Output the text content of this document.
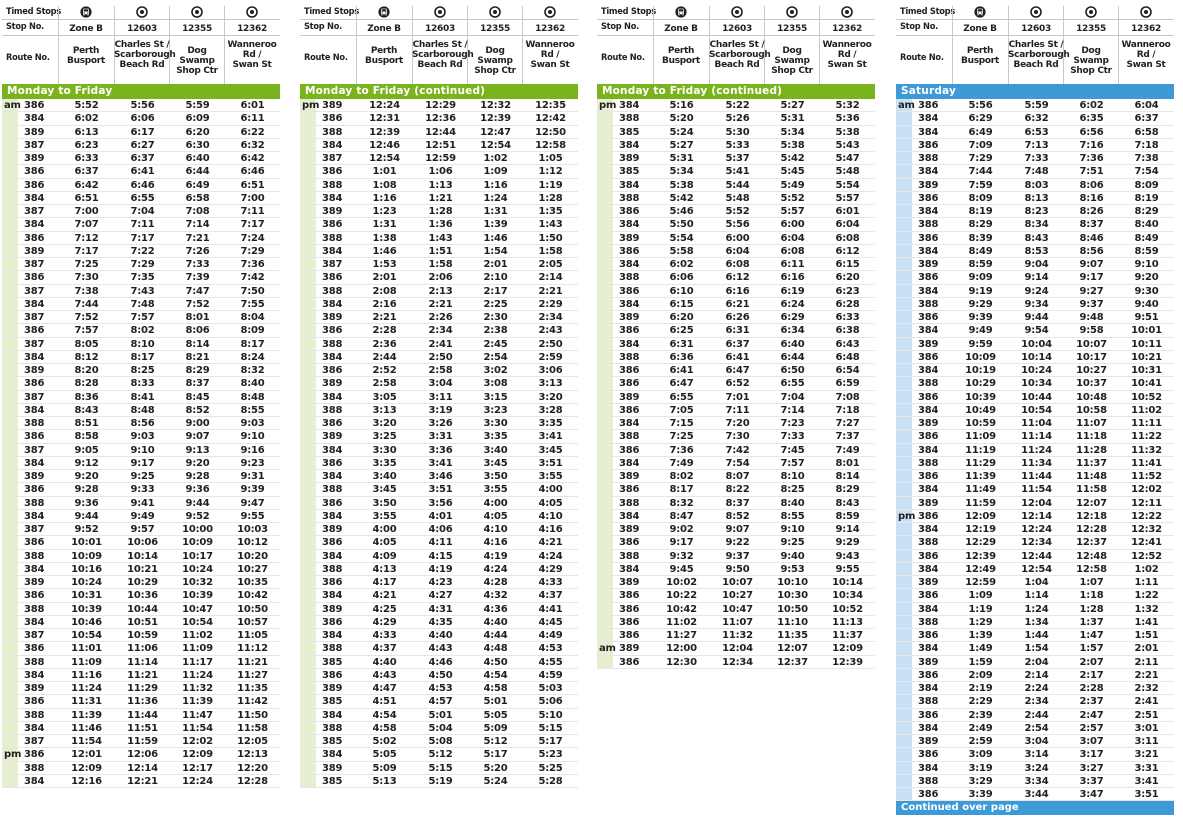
Timed Stops
Stop No.
Route No.
Zone B
Perth
Busport
12603
Charles St /
Scarborough
Beach Rd
12355
Dog Swamp
Shop Ctr
12362
Wanneroo
Rd /
Swan St
Monday to Friday
am 386	5:52	5:56	5:59	6:01
384	6:02	6:06	6:09	6:11
389	6:13	6:17	6:20	6:22
387	6:23	6:27	6:30	6:32
389	6:33	6:37	6:40	6:42
386	6:37	6:41	6:44	6:46
386	6:42	6:46	6:49	6:51
384	6:51	6:55	6:58	7:00
387	7:00	7:04	7:08	7:11
384	7:07	7:11	7:14	7:17
386	7:12	7:17	7:21	7:24
389	7:17	7:22	7:26	7:29
387	7:25	7:29	7:33	7:36
386	7:30	7:35	7:39	7:42
387	7:38	7:43	7:47	7:50
384	7:44	7:48	7:52	7:55
387	7:52	7:57	8:01	8:04
386	7:57	8:02	8:06	8:09
387	8:05	8:10	8:14	8:17
384	8:12	8:17	8:21	8:24
389	8:20	8:25	8:29	8:32
386	8:28	8:33	8:37	8:40
387	8:36	8:41	8:45	8:48
384	8:43	8:48	8:52	8:55
388	8:51	8:56	9:00	9:03
386	8:58	9:03	9:07	9:10
387	9:05	9:10	9:13	9:16
384	9:12	9:17	9:20	9:23
389	9:20	9:25	9:28	9:31
386	9:28	9:33	9:36	9:39
388	9:36	9:41	9:44	9:47
384	9:44	9:49	9:52	9:55
387	9:52	9:57	10:00	10:03
386	10:01	10:06	10:09	10:12
388	10:09	10:14	10:17	10:20
384	10:16	10:21	10:24	10:27
389	10:24	10:29	10:32	10:35
386	10:31	10:36	10:39	10:42
388	10:39	10:44	10:47	10:50
384	10:46	10:51	10:54	10:57
387	10:54	10:59	11:02	11:05
386	11:01	11:06	11:09	11:12
388	11:09	11:14	11:17	11:21
384	11:16	11:21	11:24	11:27
389	11:24	11:29	11:32	11:35
386	11:31	11:36	11:39	11:42
388	11:39	11:44	11:47	11:50
384	11:46	11:51	11:54	11:58
387	11:54	11:59	12:02	12:05
pm 386	12:01	12:06	12:09	12:13
388	12:09	12:14	12:17	12:20
384	12:16	12:21	12:24	12:28
Timed Stops
Stop No.
Route No.
Zone B
Perth
Busport
12603
Charles St /
Scarborough
Beach Rd
12355
Dog Swamp
Shop Ctr
12362
Wanneroo
Rd /
Swan St
Monday to Friday (continued)
pm 389	12:24	12:29	12:32	12:35
386	12:31	12:36	12:39	12:42
388	12:39	12:44	12:47	12:50
384	12:46	12:51	12:54	12:58
387	12:54	12:59	1:02	1:05
386	1:01	1:06	1:09	1:12
388	1:08	1:13	1:16	1:19
384	1:16	1:21	1:24	1:28
389	1:23	1:28	1:31	1:35
386	1:31	1:36	1:39	1:43
388	1:38	1:43	1:46	1:50
384	1:46	1:51	1:54	1:58
387	1:53	1:58	2:01	2:05
386	2:01	2:06	2:10	2:14
388	2:08	2:13	2:17	2:21
384	2:16	2:21	2:25	2:29
389	2:21	2:26	2:30	2:34
386	2:28	2:34	2:38	2:43
388	2:36	2:41	2:45	2:50
384	2:44	2:50	2:54	2:59
386	2:52	2:58	3:02	3:06
389	2:58	3:04	3:08	3:13
384	3:05	3:11	3:15	3:20
388	3:13	3:19	3:23	3:28
386	3:20	3:26	3:30	3:35
389	3:25	3:31	3:35	3:41
384	3:30	3:36	3:40	3:45
386	3:35	3:41	3:45	3:51
384	3:40	3:46	3:50	3:55
388	3:45	3:51	3:55	4:00
386	3:50	3:56	4:00	4:05
384	3:55	4:01	4:05	4:10
389	4:00	4:06	4:10	4:16
386	4:05	4:11	4:16	4:21
384	4:09	4:15	4:19	4:24
388	4:13	4:19	4:24	4:29
386	4:17	4:23	4:28	4:33
384	4:21	4:27	4:32	4:37
389	4:25	4:31	4:36	4:41
386	4:29	4:35	4:40	4:45
384	4:33	4:40	4:44	4:49
388	4:37	4:43	4:48	4:53
385	4:40	4:46	4:50	4:55
386	4:43	4:50	4:54	4:59
389	4:47	4:53	4:58	5:03
385	4:51	4:57	5:01	5:06
384	4:54	5:01	5:05	5:10
388	4:58	5:04	5:09	5:15
385	5:02	5:08	5:12	5:17
384	5:05	5:12	5:17	5:23
389	5:09	5:15	5:20	5:25
385	5:13	5:19	5:24	5:28
Timed Stops
Stop No.
Route No.
Zone B
Perth
Busport
12603
Charles St /
Scarborough
Beach Rd
12355
Dog Swamp
Shop Ctr
12362
Wanneroo
Rd /
Swan St
Monday to Friday (continued)
pm 384	5:16	5:22	5:27	5:32
388	5:20	5:26	5:31	5:36
385	5:24	5:30	5:34	5:38
384	5:27	5:33	5:38	5:43
389	5:31	5:37	5:42	5:47
385	5:34	5:41	5:45	5:48
384	5:38	5:44	5:49	5:54
388	5:42	5:48	5:52	5:57
386	5:46	5:52	5:57	6:01
384	5:50	5:56	6:00	6:04
389	5:54	6:00	6:04	6:08
386	5:58	6:04	6:08	6:12
384	6:02	6:08	6:11	6:15
388	6:06	6:12	6:16	6:20
386	6:10	6:16	6:19	6:23
384	6:15	6:21	6:24	6:28
389	6:20	6:26	6:29	6:33
386	6:25	6:31	6:34	6:38
384	6:31	6:37	6:40	6:43
388	6:36	6:41	6:44	6:48
386	6:41	6:47	6:50	6:54
386	6:47	6:52	6:55	6:59
389	6:55	7:01	7:04	7:08
386	7:05	7:11	7:14	7:18
384	7:15	7:20	7:23	7:27
388	7:25	7:30	7:33	7:37
386	7:36	7:42	7:45	7:49
384	7:49	7:54	7:57	8:01
389	8:02	8:07	8:10	8:14
386	8:17	8:22	8:25	8:29
388	8:32	8:37	8:40	8:43
384	8:47	8:52	8:55	8:59
389	9:02	9:07	9:10	9:14
386	9:17	9:22	9:25	9:29
388	9:32	9:37	9:40	9:43
384	9:45	9:50	9:53	9:55
389	10:02	10:07	10:10	10:14
386	10:22	10:27	10:30	10:34
386	10:42	10:47	10:50	10:52
386	11:02	11:07	11:10	11:13
386	11:27	11:32	11:35	11:37
am 389	12:00	12:04	12:07	12:09
386	12:30	12:34	12:37	12:39
Timed Stops
Stop No.
Route No.
Zone B
Perth
Busport
12603
Charles St /
Scarborough
Beach Rd
12355
Dog Swamp
Shop Ctr
12362
Wanneroo
Rd /
Swan St
Saturday
am 386	5:56	5:59	6:02	6:04
384	6:29	6:32	6:35	6:37
384	6:49	6:53	6:56	6:58
386	7:09	7:13	7:16	7:18
388	7:29	7:33	7:36	7:38
384	7:44	7:48	7:51	7:54
389	7:59	8:03	8:06	8:09
386	8:09	8:13	8:16	8:19
384	8:19	8:23	8:26	8:29
388	8:29	8:34	8:37	8:40
386	8:39	8:43	8:46	8:49
384	8:49	8:53	8:56	8:59
389	8:59	9:04	9:07	9:10
386	9:09	9:14	9:17	9:20
384	9:19	9:24	9:27	9:30
388	9:29	9:34	9:37	9:40
386	9:39	9:44	9:48	9:51
384	9:49	9:54	9:58	10:01
389	9:59	10:04	10:07	10:11
386	10:09	10:14	10:17	10:21
384	10:19	10:24	10:27	10:31
388	10:29	10:34	10:37	10:41
386	10:39	10:44	10:48	10:52
384	10:49	10:54	10:58	11:02
389	10:59	11:04	11:07	11:11
386	11:09	11:14	11:18	11:22
384	11:19	11:24	11:28	11:32
388	11:29	11:34	11:37	11:41
386	11:39	11:44	11:48	11:52
384	11:49	11:54	11:58	12:02
389	11:59	12:04	12:07	12:11
pm 386	12:09	12:14	12:18	12:22
384	12:19	12:24	12:28	12:32
388	12:29	12:34	12:37	12:41
386	12:39	12:44	12:48	12:52
384	12:49	12:54	12:58	1:02
389	12:59	1:04	1:07	1:11
386	1:09	1:14	1:18	1:22
384	1:19	1:24	1:28	1:32
388	1:29	1:34	1:37	1:41
386	1:39	1:44	1:47	1:51
384	1:49	1:54	1:57	2:01
389	1:59	2:04	2:07	2:11
386	2:09	2:14	2:17	2:21
384	2:19	2:24	2:28	2:32
388	2:29	2:34	2:37	2:41
386	2:39	2:44	2:47	2:51
384	2:49	2:54	2:57	3:01
389	2:59	3:04	3:07	3:11
386	3:09	3:14	3:17	3:21
384	3:19	3:24	3:27	3:31
388	3:29	3:34	3:37	3:41
386	3:39	3:44	3:47	3:51
Continued over page
